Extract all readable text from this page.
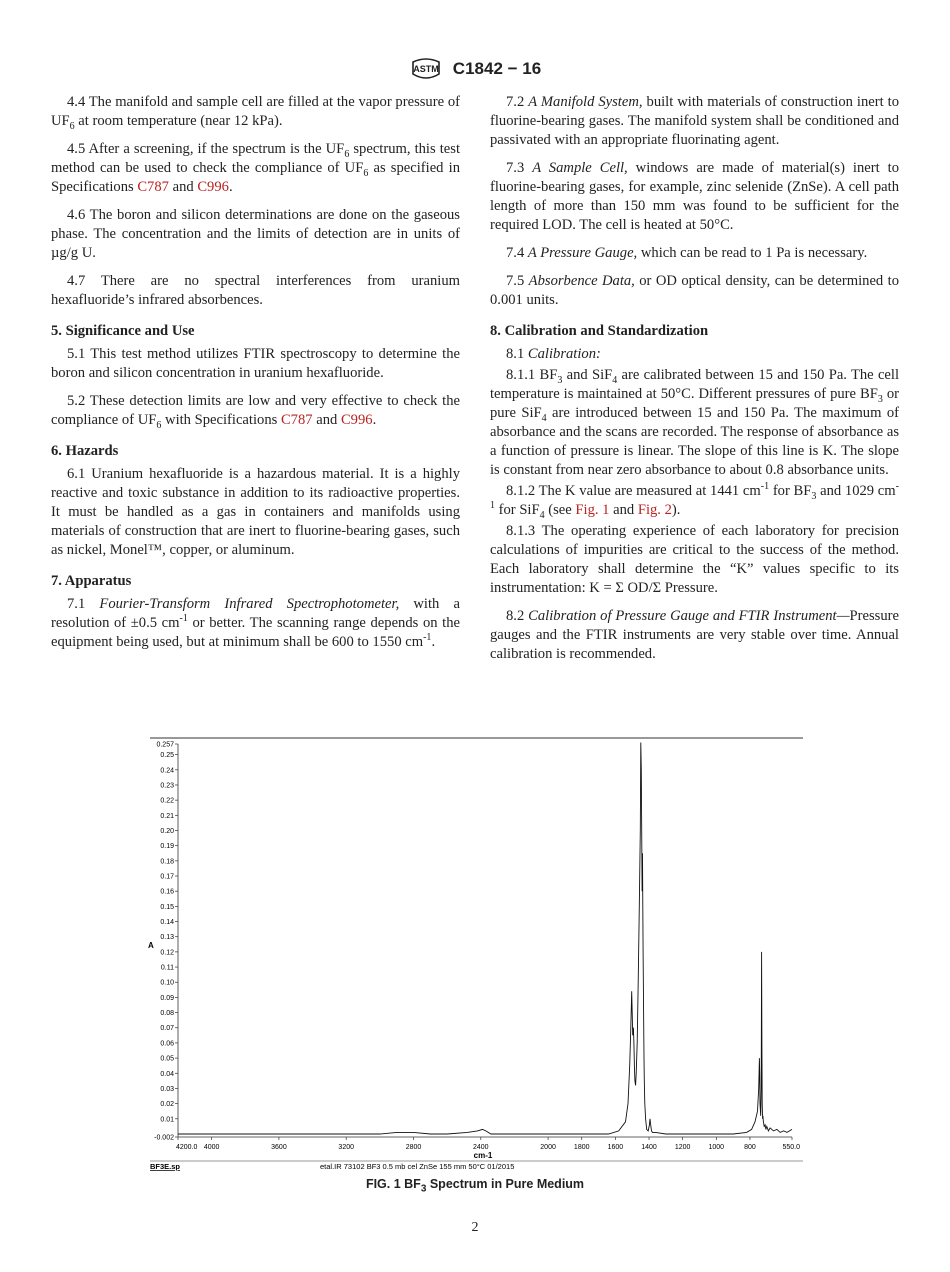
ASTM C1842 − 16

4.4 The manifold and sample cell are filled at the vapor pressure of $UF_6$ at room temperature (near 12 kPa).

4.5 After a screening, if the spectrum is the $UF_6$ spectrum, this test method can be used to check the compliance of $UF_6$ as specified in Specifications C787 and C996.

4.6 The boron and silicon determinations are done on the gaseous phase. The concentration and the limits of detection are in units of µg/g U.

4.7 There are no spectral interferences from uranium hexafluoride’s infrared absorbences.

5. Significance and Use

5.1 This test method utilizes FTIR spectroscopy to determine the boron and silicon concentration in uranium hexafluoride.

5.2 These detection limits are low and very effective to check the compliance of $UF_6$ with Specifications C787 and C996.

6. Hazards

6.1 Uranium hexafluoride is a hazardous material. It is a highly reactive and toxic substance in addition to its radioactive properties. It must be handled as a gas in containers and manifolds using materials of construction that are inert to fluorine-bearing gases, such as nickel, Monel™, copper, or aluminum.

7. Apparatus

7.1 Fourier-Transform Infrared Spectrophotometer, with a resolution of ±0.5 $cm^{-1}$ or better. The scanning range depends on the equipment being used, but at minimum shall be 600 to 1550 $cm^{-1}$.

7.2 A Manifold System, built with materials of construction inert to fluorine-bearing gases. The manifold system shall be conditioned and passivated with an appropriate fluorinating agent.

7.3 A Sample Cell, windows are made of material(s) inert to fluorine-bearing gases, for example, zinc selenide (ZnSe). A cell path length of more than 150 mm was found to be sufficient for the required LOD. The cell is heated at 50°C.

7.4 A Pressure Gauge, which can be read to 1 Pa is necessary.

7.5 Absorbence Data, or OD optical density, can be determined to 0.001 units.

8. Calibration and Standardization

8.1 Calibration:

8.1.1 $BF_3$ and SiF$_4$ are calibrated between 15 and 150 Pa. The cell temperature is maintained at 50°C. Different pressures of pure $BF_3$ or pure SiF$_4$ are introduced between 15 and 150 Pa. The maximum of absorbance and the scans are recorded. The response of absorbance as a function of pressure is linear. The slope of this line is K. The slope is constant from near zero absorbance to about 0.8 absorbance units.

8.1.2 The K value are measured at 1441 $cm^{-1}$ for $BF_3$ and 1029 $cm^{-1}$ for SiF$_4$ (see Fig. 1 and Fig. 2).

8.1.3 The operating experience of each laboratory for precision calculations of impurities are critical to the success of the method. Each laboratory shall determine the “K” values specific to its instrumentation: K = Σ OD/Σ Pressure.

8.2 Calibration of Pressure Gauge and FTIR Instrument—Pressure gauges and the FTIR instruments are very stable over time. Annual calibration is recommended.

0.257
0.25
0.24
0.23
0.22
0.21
0.20
0.19
0.18
0.17
0.16
0.15
0.14
0.13
0.12
0.11
0.10
0.09
0.08
0.07
0.06
0.05
0.04
0.03
0.02
0.01
-0.002
4200.0 4000	3600	3200	2800	2400	2000	1800	1600	1400	1200	1000	800	550.0
A
cm-1
BF3E.sp	etal.IR 73102 BF3 0.5 mb cel ZnSe 155 mm 50°C 01/2015
FIG. 1 $BF_3$ Spectrum in Pure Medium
2
